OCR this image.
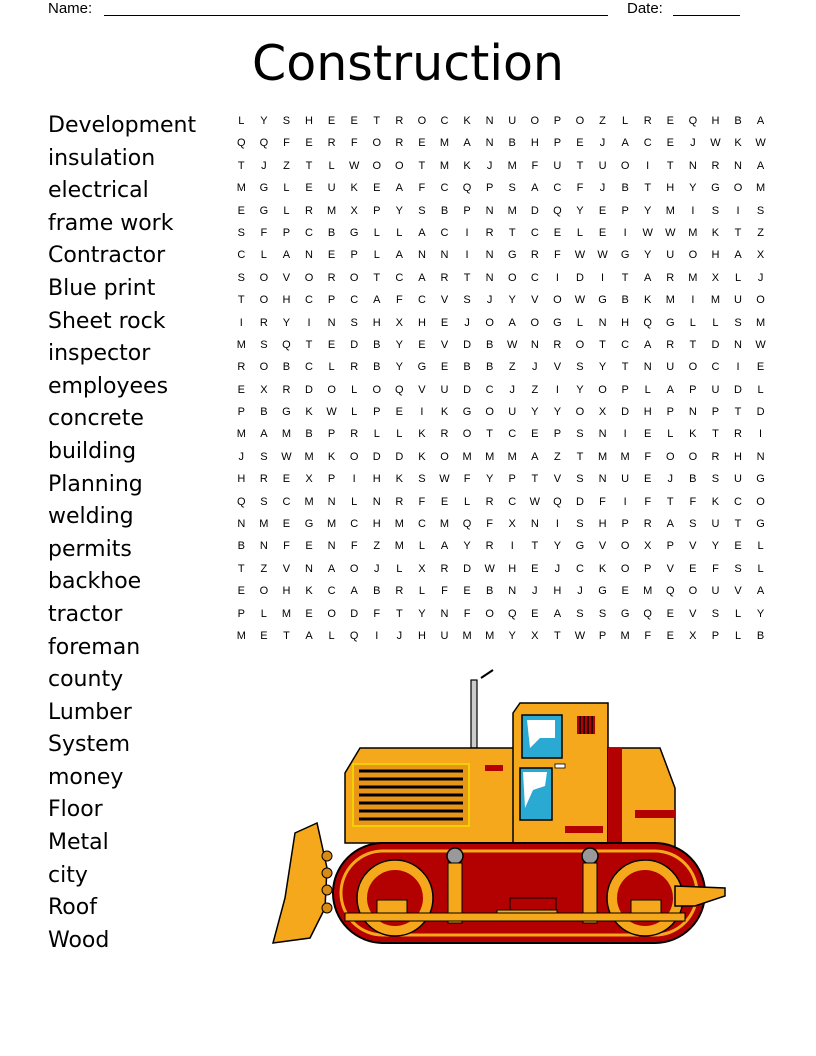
Name:	Date:
Construction
Development
insulation
electrical
frame work
Contractor
Blue print
Sheet rock
inspector
employees
concrete
building
Planning
welding
permits
backhoe
tractor
foreman
county
Lumber
System
money
Floor
Metal
city
Roof
Wood
L	Y	S	H	E	E	T	R	O	C	K	N	U	O	P	O	Z	L	R	E	Q	H	B	A
Q	Q	F	E	R	F	O	R	E	M	A	N	B	H	P	E	J	A	C	E	J	W	K	W
T	J	Z	T	L	W	O	O	T	M	K	J	M	F	U	T	U	O	I	T	N	R	N	A
M	G	L	E	U	K	E	A	F	C	Q	P	S	A	C	F	J	B	T	H	Y	G	O	M
E	G	L	R	M	X	P	Y	S	B	P	N	M	D	Q	Y	E	P	Y	M	I	S	I	S
S	F	P	C	B	G	L	L	A	C	I	R	T	C	E	L	E	I	W	W	M	K	T	Z
C	L	A	N	E	P	L	A	N	N	I	N	G	R	F	W	W	G	Y	U	O	H	A	X
S	O	V	O	R	O	T	C	A	R	T	N	O	C	I	D	I	T	A	R	M	X	L	J
T	O	H	C	P	C	A	F	C	V	S	J	Y	V	O	W	G	B	K	M	I	M	U	O
I	R	Y	I	N	S	H	X	H	E	J	O	A	O	G	L	N	H	Q	G	L	L	S	M
M	S	Q	T	E	D	B	Y	E	V	D	B	W	N	R	O	T	C	A	R	T	D	N	W
R	O	B	C	L	R	B	Y	G	E	B	B	Z	J	V	S	Y	T	N	U	O	C	I	E
E	X	R	D	O	L	O	Q	V	U	D	C	J	Z	I	Y	O	P	L	A	P	U	D	L
P	B	G	K	W	L	P	E	I	K	G	O	U	Y	Y	O	X	D	H	P	N	P	T	D
M	A	M	B	P	R	L	L	K	R	O	T	C	E	P	S	N	I	E	L	K	T	R	I
J	S	W	M	K	O	D	D	K	O	M	M	M	A	Z	T	M	M	F	O	O	R	H	N
H	R	E	X	P	I	H	K	S	W	F	Y	P	T	V	S	N	U	E	J	B	S	U	G
Q	S	C	M	N	L	N	R	F	E	L	R	C	W	Q	D	F	I	F	T	F	K	C	O
N	M	E	G	M	C	H	M	C	M	Q	F	X	N	I	S	H	P	R	A	S	U	T	G
B	N	F	E	N	F	Z	M	L	A	Y	R	I	T	Y	G	V	O	X	P	V	Y	E	L
T	Z	V	N	A	O	J	L	X	R	D	W	H	E	J	C	K	O	P	V	E	F	S	L
E	O	H	K	C	A	B	R	L	F	E	B	N	J	H	J	G	E	M	Q	O	U	V	A
P	L	M	E	O	D	F	T	Y	N	F	O	Q	E	A	S	S	G	Q	E	V	S	L	Y
M	E	T	A	L	Q	I	J	H	U	M	M	Y	X	T	W	P	M	F	E	X	P	L	B
